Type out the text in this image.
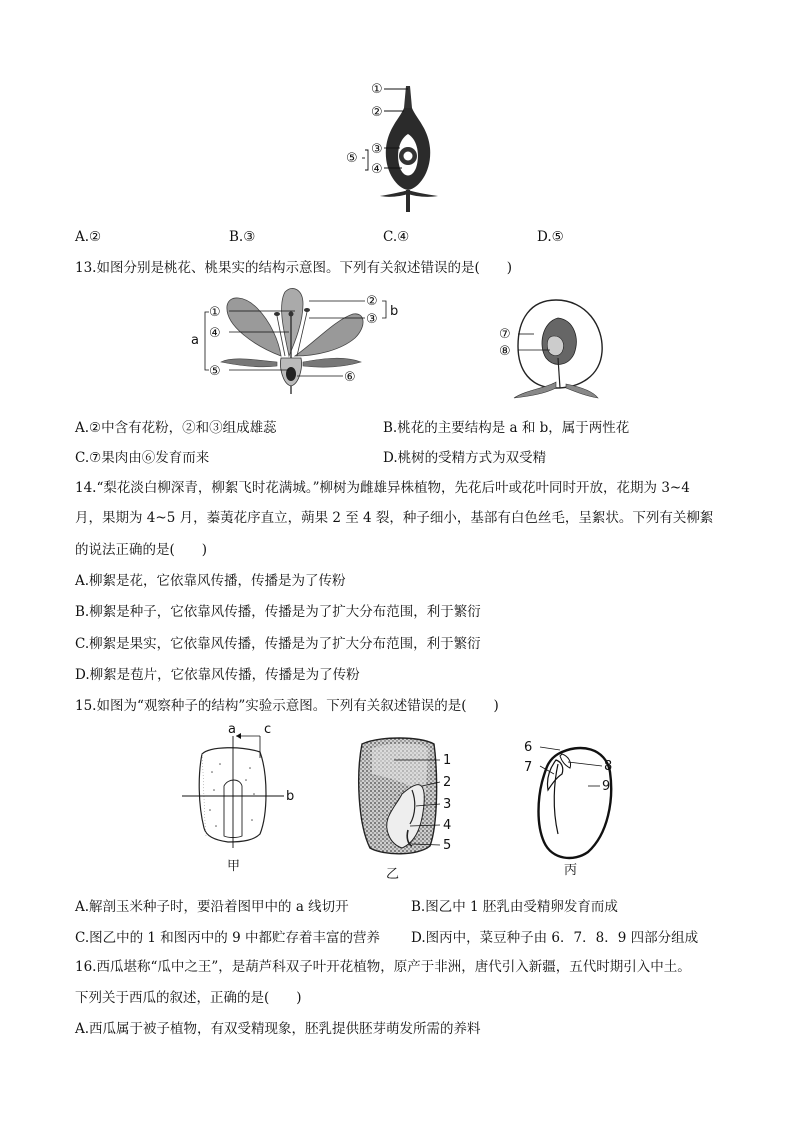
①
②
③
④
⑤
A.②	B.③	C.④	D.⑤
13.如图分别是桃花、桃果实的结构示意图。下列有关叙述错误的是(　　)
①
④
⑤
a
②
③
⑥
b
⑦
⑧
A.②中含有花粉，②和③组成雄蕊	B.桃花的主要结构是 a 和 b，属于两性花
C.⑦果肉由⑥发育而来	D.桃树的受精方式为双受精
14.“梨花淡白柳深青，柳絮飞时花满城。”柳树为雌雄异株植物，先花后叶或花叶同时开放，花期为 3~4
月，果期为 4~5 月，蓁荑花序直立，蒴果 2 至 4 裂，种子细小，基部有白色丝毛，呈絮状。下列有关柳絮
的说法正确的是(　　)
A.柳絮是花，它依靠风传播，传播是为了传粉
B.柳絮是种子，它依靠风传播，传播是为了扩大分布范围，利于繁衍
C.柳絮是果实，它依靠风传播，传播是为了扩大分布范围，利于繁衍
D.柳絮是苞片，它依靠风传播，传播是为了传粉
15.如图为“观察种子的结构”实验示意图。下列有关叙述错误的是(　　)
a c
b
甲
1
2
3
4
5
乙
6
7	8
9
丙
A.解剖玉米种子时，要沿着图甲中的 a 线切开	B.图乙中 1 胚乳由受精卵发育而成
C.图乙中的 1 和图丙中的 9 中都贮存着丰富的营养 D.图丙中，菜豆种子由 6．7．8．9 四部分组成
16.西瓜堪称“瓜中之王”，是葫芦科双子叶开花植物，原产于非洲，唐代引入新疆，五代时期引入中土。
下列关于西瓜的叙述，正确的是(　　)
A.西瓜属于被子植物，有双受精现象，胚乳提供胚芽萌发所需的养料
